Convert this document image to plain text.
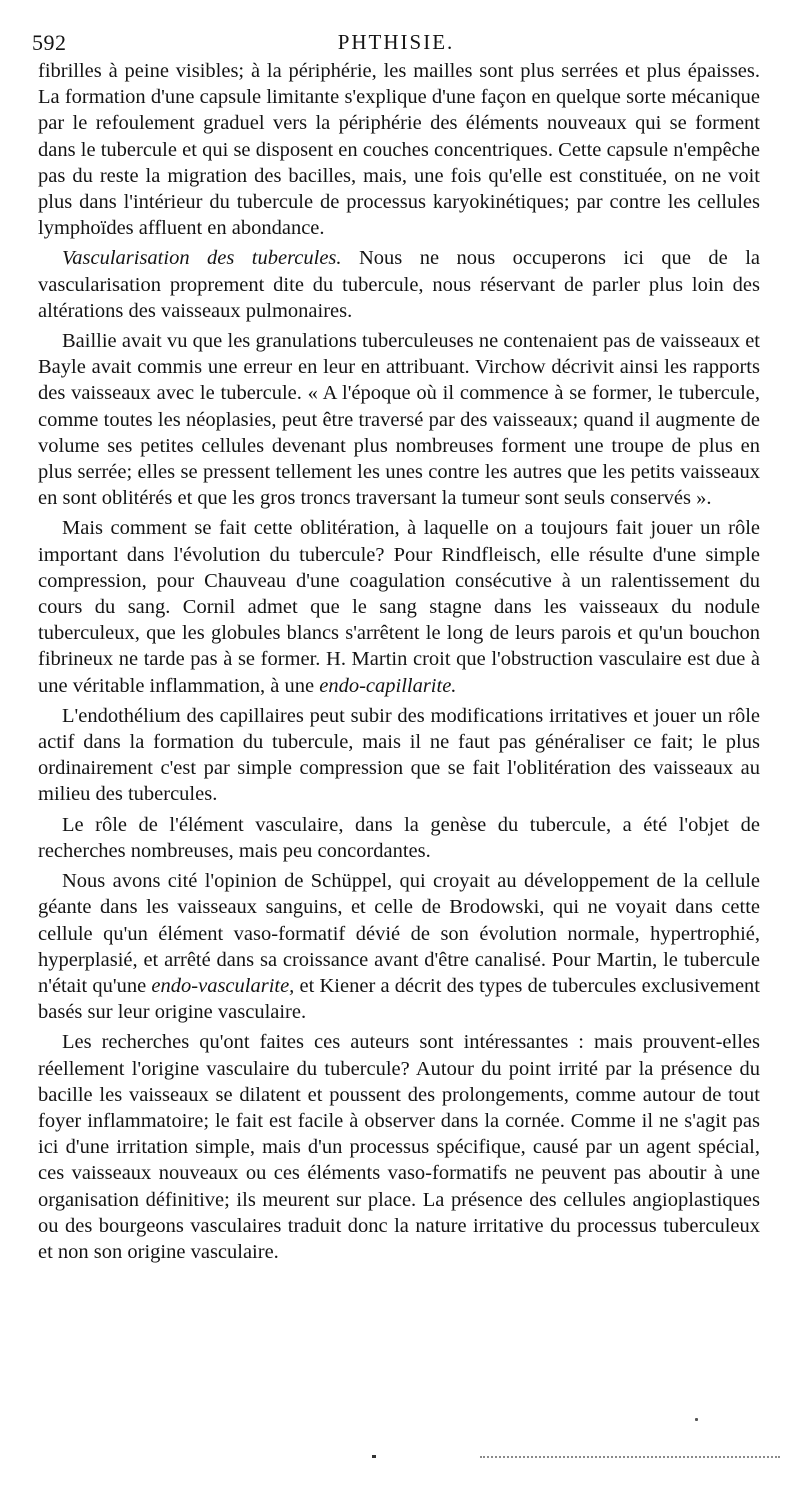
592	PHTHISIE.

fibrilles à peine visibles; à la périphérie, les mailles sont plus serrées et plus épaisses. La formation d'une capsule limitante s'explique d'une façon en quelque sorte mécanique par le refoulement graduel vers la périphérie des éléments nouveaux qui se forment dans le tubercule et qui se disposent en couches concentriques. Cette capsule n'empêche pas du reste la migration des bacilles, mais, une fois qu'elle est constituée, on ne voit plus dans l'intérieur du tubercule de processus karyokinétiques; par contre les cellules lymphoïdes affluent en abondance.

Vascularisation des tubercules. Nous ne nous occuperons ici que de la vascularisation proprement dite du tubercule, nous réservant de parler plus loin des altérations des vaisseaux pulmonaires.

Baillie avait vu que les granulations tuberculeuses ne contenaient pas de vaisseaux et Bayle avait commis une erreur en leur en attribuant. Virchow décrivit ainsi les rapports des vaisseaux avec le tubercule. « A l'époque où il commence à se former, le tubercule, comme toutes les néoplasies, peut être traversé par des vaisseaux; quand il augmente de volume ses petites cellules devenant plus nombreuses forment une troupe de plus en plus serrée; elles se pressent tellement les unes contre les autres que les petits vaisseaux en sont oblitérés et que les gros troncs traversant la tumeur sont seuls conservés ».

Mais comment se fait cette oblitération, à laquelle on a toujours fait jouer un rôle important dans l'évolution du tubercule? Pour Rindfleisch, elle résulte d'une simple compression, pour Chauveau d'une coagulation consécutive à un ralentissement du cours du sang. Cornil admet que le sang stagne dans les vaisseaux du nodule tuberculeux, que les globules blancs s'arrêtent le long de leurs parois et qu'un bouchon fibrineux ne tarde pas à se former. H. Martin croit que l'obstruction vasculaire est due à une véritable inflammation, à une endo-capillarite.

L'endothélium des capillaires peut subir des modifications irritatives et jouer un rôle actif dans la formation du tubercule, mais il ne faut pas généraliser ce fait; le plus ordinairement c'est par simple compression que se fait l'oblitération des vaisseaux au milieu des tubercules.

Le rôle de l'élément vasculaire, dans la genèse du tubercule, a été l'objet de recherches nombreuses, mais peu concordantes.

Nous avons cité l'opinion de Schüppel, qui croyait au développement de la cellule géante dans les vaisseaux sanguins, et celle de Brodowski, qui ne voyait dans cette cellule qu'un élément vaso-formatif dévié de son évolution normale, hypertrophié, hyperplasié, et arrêté dans sa croissance avant d'être canalisé. Pour Martin, le tubercule n'était qu'une endo-vascularite, et Kiener a décrit des types de tubercules exclusivement basés sur leur origine vasculaire.

Les recherches qu'ont faites ces auteurs sont intéressantes : mais prouvent-elles réellement l'origine vasculaire du tubercule? Autour du point irrité par la présence du bacille les vaisseaux se dilatent et poussent des prolongements, comme autour de tout foyer inflammatoire; le fait est facile à observer dans la cornée. Comme il ne s'agit pas ici d'une irritation simple, mais d'un processus spécifique, causé par un agent spécial, ces vaisseaux nouveaux ou ces éléments vaso-formatifs ne peuvent pas aboutir à une organisation définitive; ils meurent sur place. La présence des cellules angioplastiques ou des bourgeons vasculaires traduit donc la nature irritative du processus tuberculeux et non son origine vasculaire.
